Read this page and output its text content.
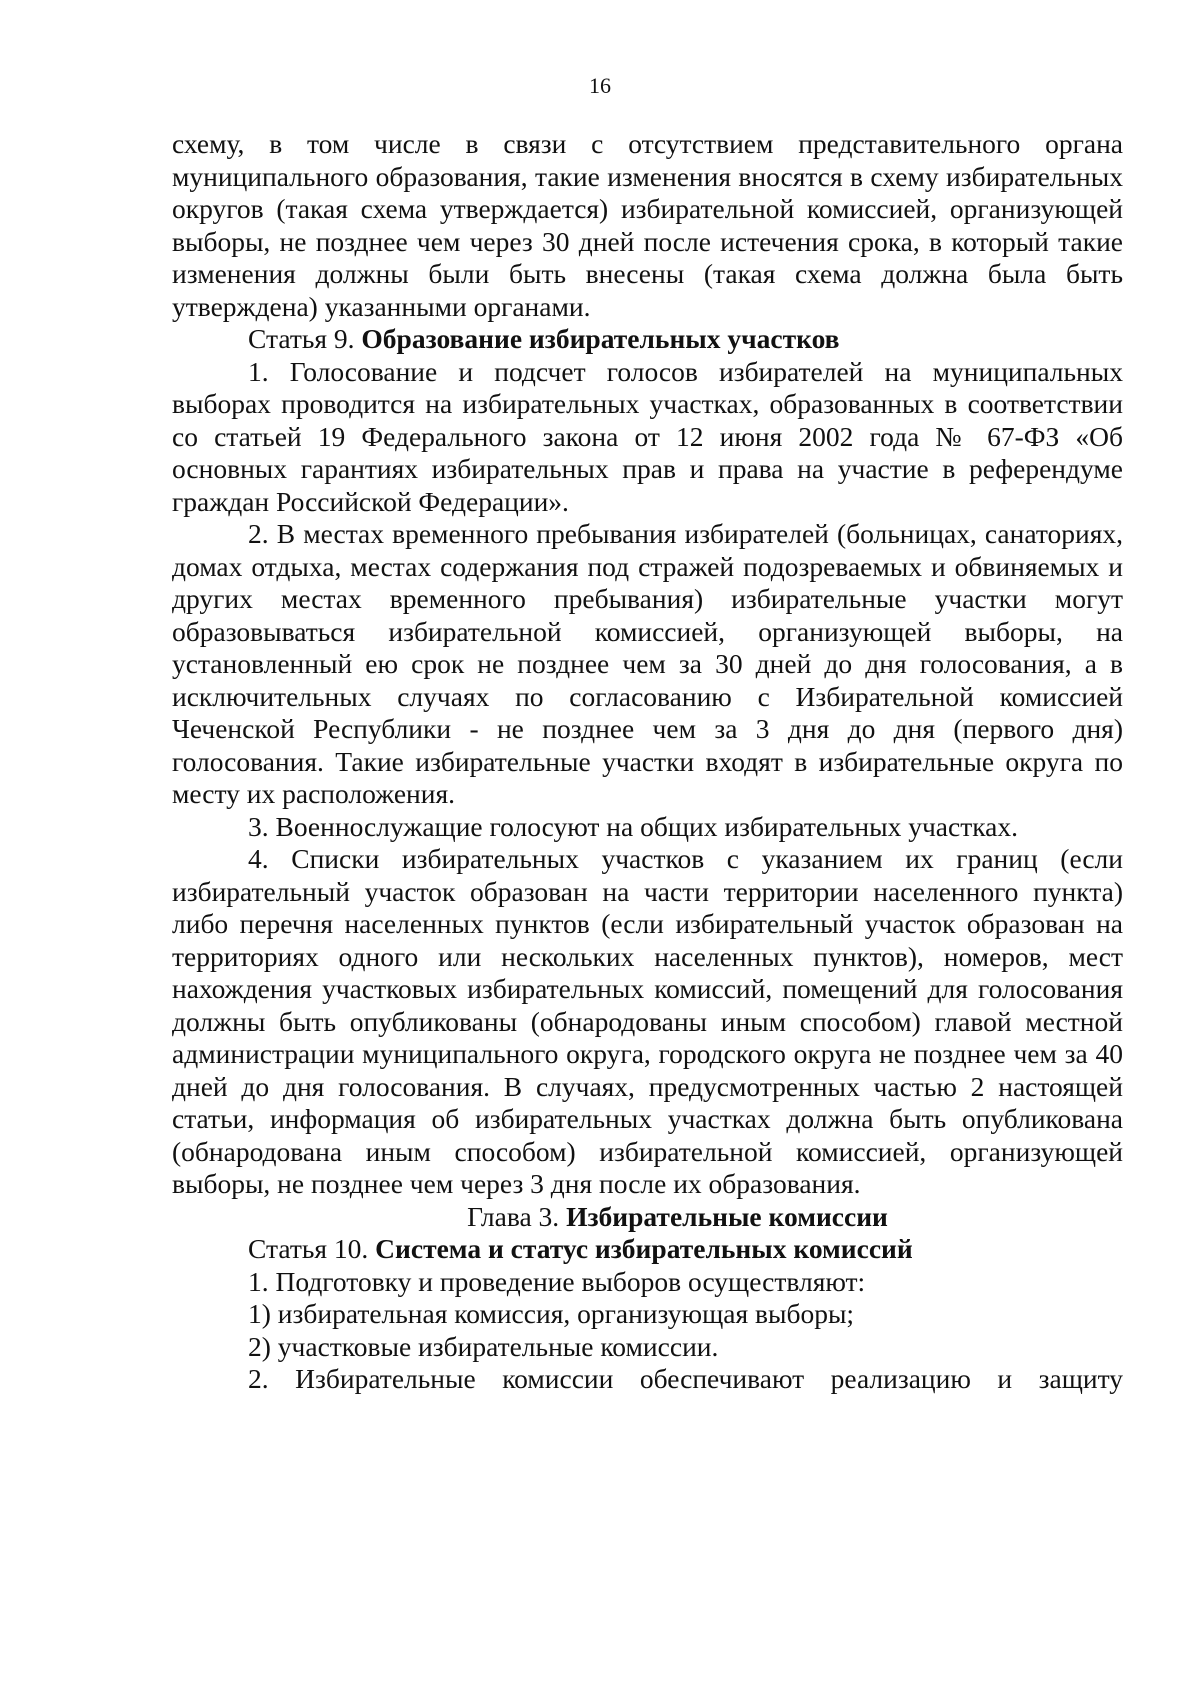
16

схему, в том числе в связи с отсутствием представительного органа муниципального образования, такие изменения вносятся в схему избирательных округов (такая схема утверждается) избирательной комиссией, организующей выборы, не позднее чем через 30 дней после истечения срока, в который такие изменения должны были быть внесены (такая схема должна была быть утверждена) указанными органами.

Статья 9. Образование избирательных участков

1. Голосование и подсчет голосов избирателей на муниципальных выборах проводится на избирательных участках, образованных в соответствии со статьей 19 Федерального закона от 12 июня 2002 года № 67-ФЗ «Об основных гарантиях избирательных прав и права на участие в референдуме граждан Российской Федерации».

2. В местах временного пребывания избирателей (больницах, санаториях, домах отдыха, местах содержания под стражей подозреваемых и обвиняемых и других местах временного пребывания) избирательные участки могут образовываться избирательной комиссией, организующей выборы, на установленный ею срок не позднее чем за 30 дней до дня голосования, а в исключительных случаях по согласованию с Избирательной комиссией Чеченской Республики - не позднее чем за 3 дня до дня (первого дня) голосования. Такие избирательные участки входят в избирательные округа по месту их расположения.

3. Военнослужащие голосуют на общих избирательных участках.

4. Списки избирательных участков с указанием их границ (если избирательный участок образован на части территории населенного пункта) либо перечня населенных пунктов (если избирательный участок образован на территориях одного или нескольких населенных пунктов), номеров, мест нахождения участковых избирательных комиссий, помещений для голосования должны быть опубликованы (обнародованы иным способом) главой местной администрации муниципального округа, городского округа не позднее чем за 40 дней до дня голосования. В случаях, предусмотренных частью 2 настоящей статьи, информация об избирательных участках должна быть опубликована (обнародована иным способом) избирательной комиссией, организующей выборы, не позднее чем через 3 дня после их образования.

Глава 3. Избирательные комиссии

Статья 10. Система и статус избирательных комиссий

1. Подготовку и проведение выборов осуществляют:

1) избирательная комиссия, организующая выборы;

2) участковые избирательные комиссии.

2. Избирательные комиссии обеспечивают реализацию и защиту
